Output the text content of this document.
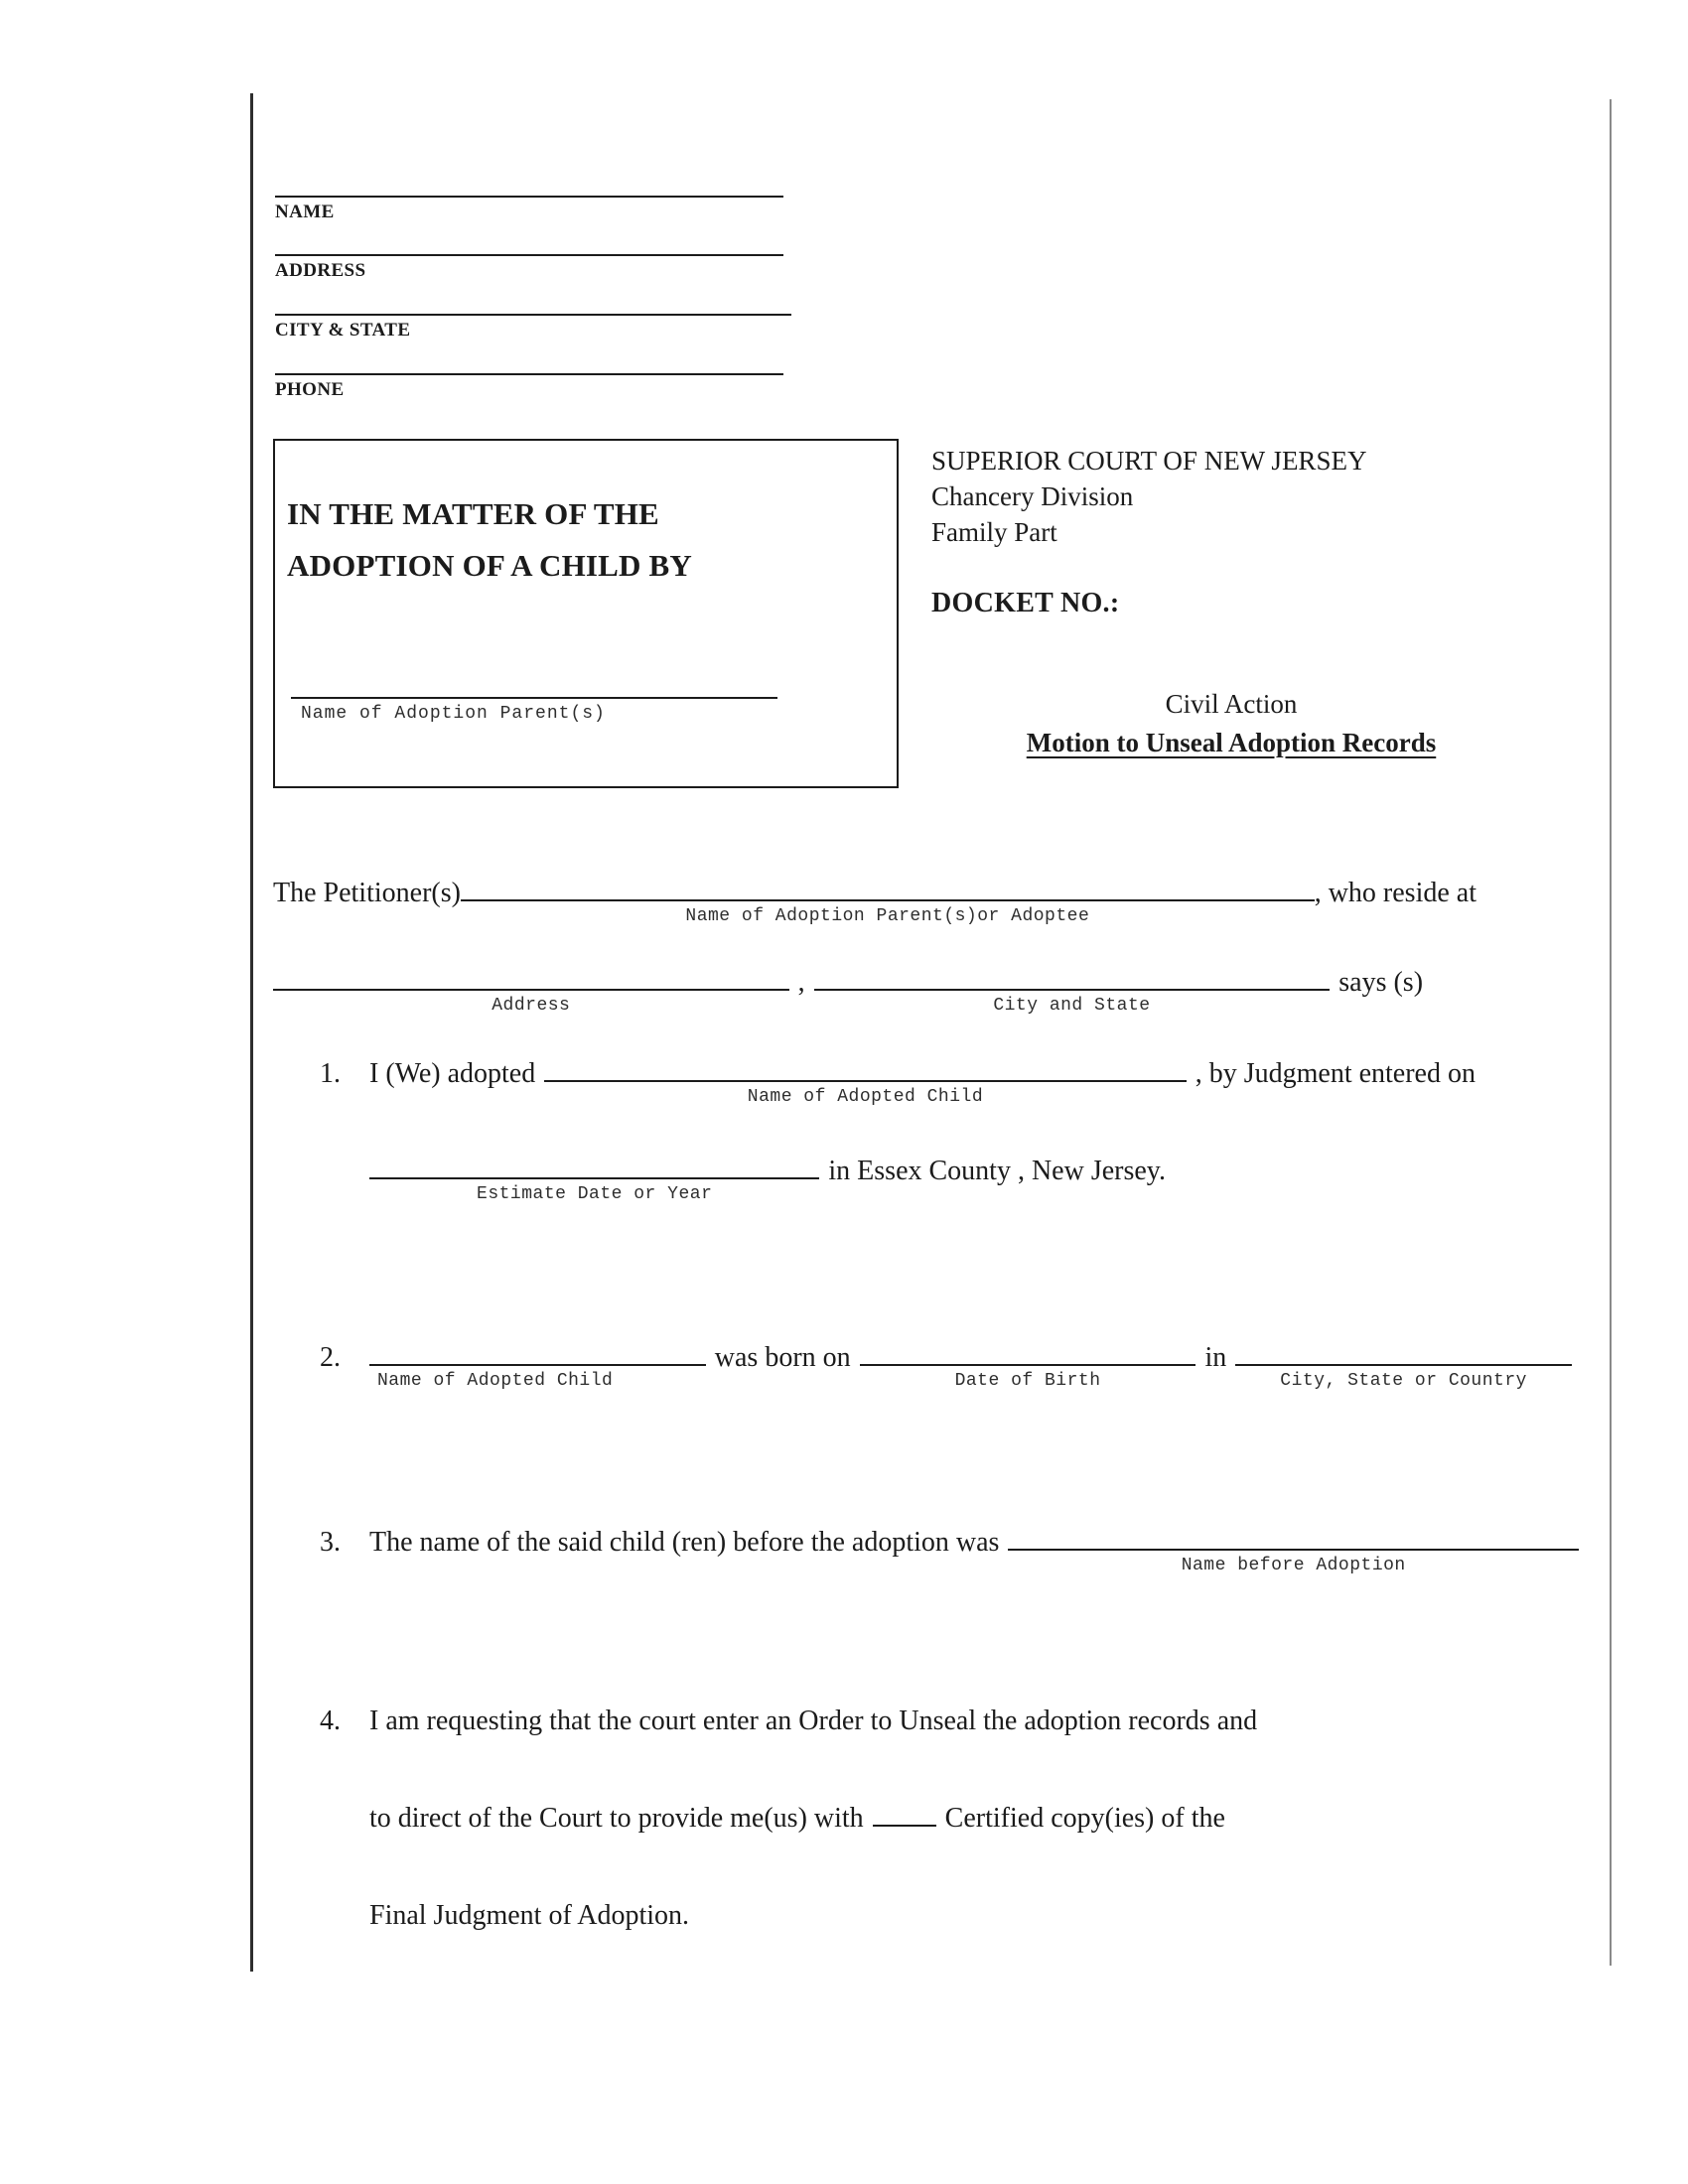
NAME
ADDRESS
CITY & STATE
PHONE
IN THE MATTER OF THE
ADOPTION OF A CHILD BY
Name of Adoption Parent(s)
SUPERIOR COURT OF NEW JERSEY
Chancery Division
Family Part
DOCKET NO.:
Civil Action
Motion to Unseal Adoption Records
The Petitioner(s)
Name of Adoption Parent(s)or Adoptee
, who reside at
Address
,
City and State
says (s)
1.	I (We) adopted
Name of Adopted Child
, by Judgment entered on
Estimate Date or Year
in Essex County , New Jersey.
2.
Name of Adopted Child
was born on
Date of Birth
in
City, State or Country
3.	The name of the said child (ren) before the adoption was
Name before Adoption
4.	I am requesting that the court enter an Order to Unseal the adoption records and
to direct of the Court to provide me(us) with	Certified copy(ies) of the
Final Judgment of Adoption.
